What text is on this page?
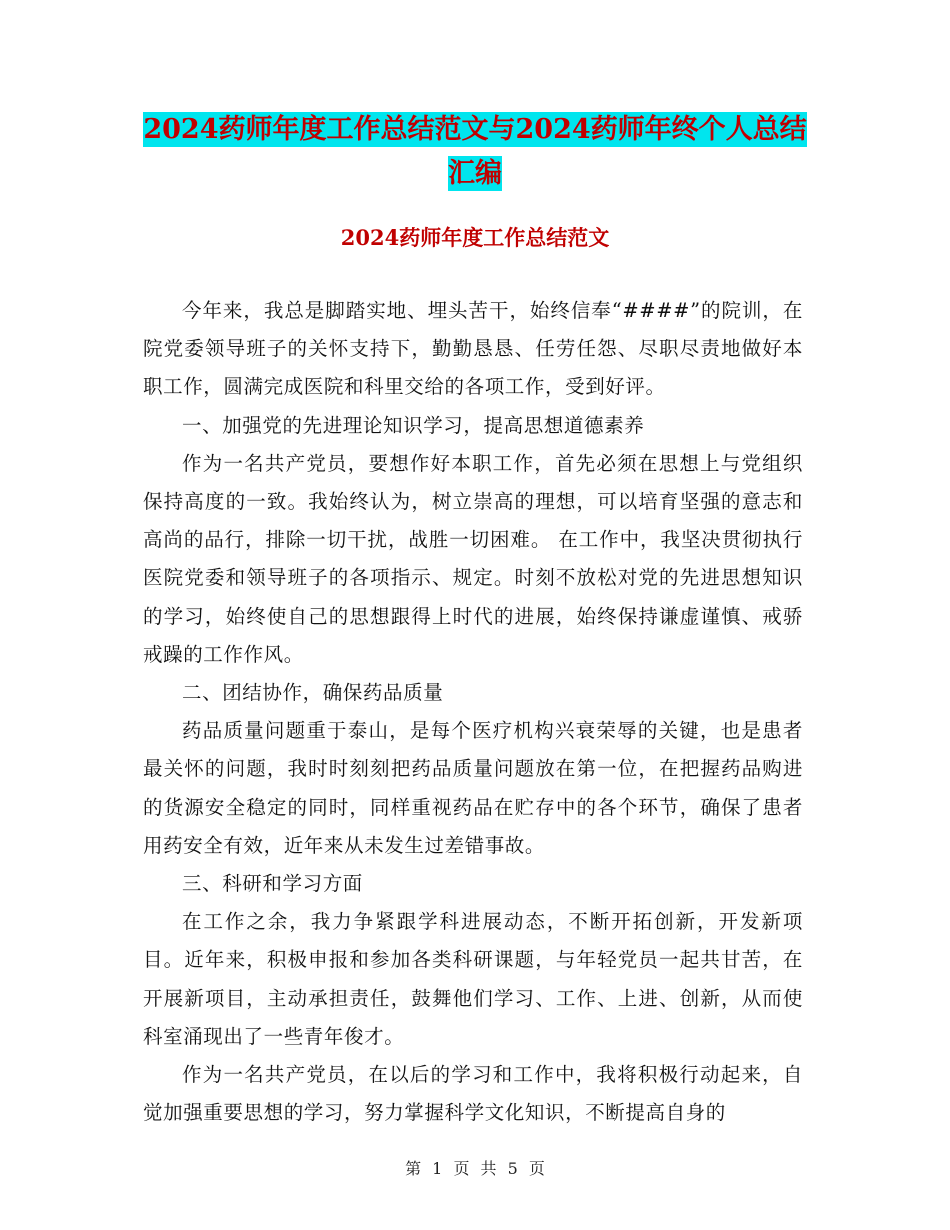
2024药师年度工作总结范文与2024药师年终个人总结
汇编
2024药师年度工作总结范文

今年来，我总是脚踏实地、埋头苦干，始终信奉“####”的院训，在院党委领导班子的关怀支持下，勤勤恳恳、任劳任怨、尽职尽责地做好本职工作，圆满完成医院和科里交给的各项工作，受到好评。

一、加强党的先进理论知识学习，提高思想道德素养

作为一名共产党员，要想作好本职工作，首先必须在思想上与党组织保持高度的一致。我始终认为，树立崇高的理想，可以培育坚强的意志和高尚的品行，排除一切干扰，战胜一切困难。 在工作中，我坚决贯彻执行医院党委和领导班子的各项指示、规定。时刻不放松对党的先进思想知识的学习，始终使自己的思想跟得上时代的进展，始终保持谦虚谨慎、戒骄戒躁的工作作风。

二、团结协作，确保药品质量

药品质量问题重于泰山，是每个医疗机构兴衰荣辱的关键，也是患者最关怀的问题，我时时刻刻把药品质量问题放在第一位，在把握药品购进的货源安全稳定的同时，同样重视药品在贮存中的各个环节，确保了患者用药安全有效，近年来从未发生过差错事故。

三、科研和学习方面

在工作之余，我力争紧跟学科进展动态，不断开拓创新，开发新项目。近年来，积极申报和参加各类科研课题，与年轻党员一起共甘苦，在开展新项目，主动承担责任，鼓舞他们学习、工作、上进、创新，从而使科室涌现出了一些青年俊才。

作为一名共产党员，在以后的学习和工作中，我将积极行动起来，自觉加强重要思想的学习，努力掌握科学文化知识，不断提高自身的

第 1 页 共 5 页
